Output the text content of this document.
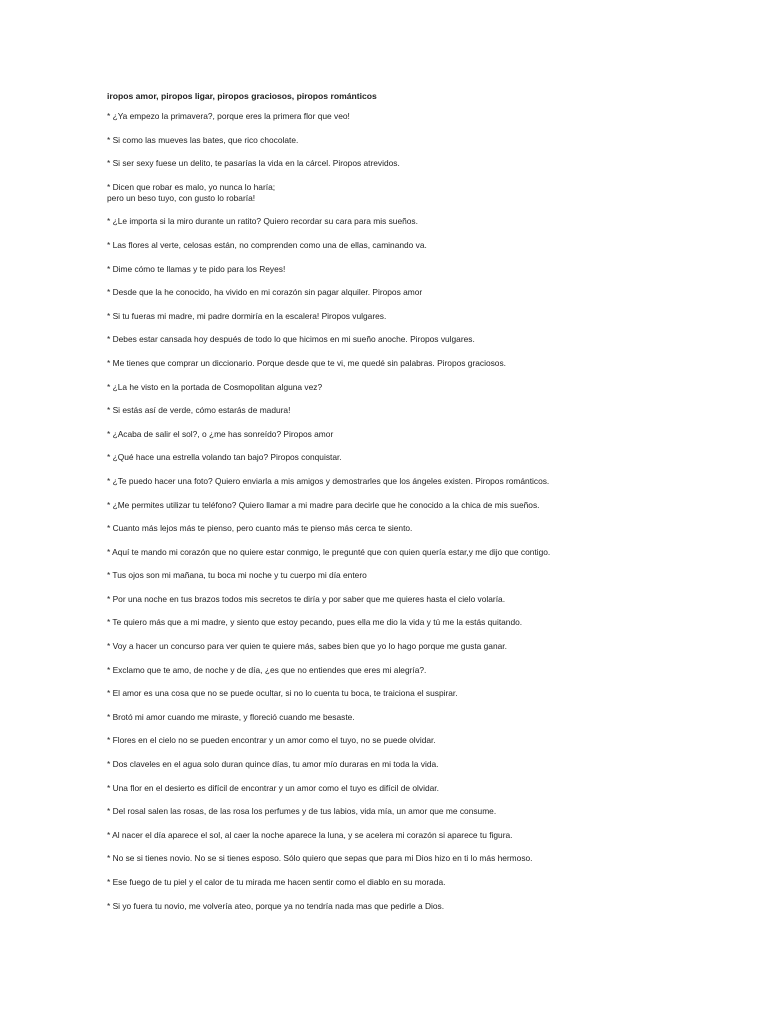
iropos amor, piropos ligar, piropos graciosos, piropos románticos
* ¿Ya empezo la primavera?, porque eres la primera flor que veo!
* Si como las mueves las bates, que rico chocolate.
* Si ser sexy fuese un delito, te pasarías la vida en la cárcel. Piropos atrevidos.
* Dicen que robar es malo, yo nunca lo haría;
pero un beso tuyo, con gusto lo robaría!
* ¿Le importa si la miro durante un ratito? Quiero recordar su cara para mis sueños.
* Las flores al verte, celosas están, no comprenden como una de ellas, caminando va.
* Dime cómo te llamas y te pido para los Reyes!
* Desde que la he conocido, ha vivido en mi corazón sin pagar alquiler. Piropos amor
* Si tu fueras mi madre, mi padre dormiría en la escalera! Piropos vulgares.
* Debes estar cansada hoy después de todo lo que hicimos en mi sueño anoche. Piropos vulgares.
* Me tienes que comprar un diccionario. Porque desde que te vi, me quedé sin palabras. Piropos graciosos.
* ¿La he visto en la portada de Cosmopolitan alguna vez?
* Si estás así de verde, cómo estarás de madura!
* ¿Acaba de salir el sol?, o ¿me has sonreído? Piropos amor
* ¿Qué hace una estrella volando tan bajo? Piropos conquistar.
* ¿Te puedo hacer una foto? Quiero enviarla a mis amigos y demostrarles que los ángeles existen. Piropos románticos.
* ¿Me permites utilizar tu teléfono? Quiero llamar a mi madre para decirle que he conocido a la chica de mis sueños.
* Cuanto más lejos más te pienso, pero cuanto más te pienso más cerca te siento.
* Aquí te mando mi corazón que no quiere estar conmigo, le pregunté que con quien quería estar,y me dijo que contigo.
* Tus ojos son mi mañana, tu boca mi noche y tu cuerpo mi día entero
* Por una noche en tus brazos todos mis secretos te diría y por saber que me quieres hasta el cielo volaría.
* Te quiero más que a mi madre, y siento que estoy pecando, pues ella me dio la vida y tú me la estás quitando.
* Voy a hacer un concurso para ver quien te quiere más, sabes bien que yo lo hago porque me gusta ganar.
* Exclamo que te amo, de noche y de día, ¿es que no entiendes que eres mi alegría?.
* El amor es una cosa que no se puede ocultar, si no lo cuenta tu boca, te traiciona el suspirar.
* Brotó mi amor cuando me miraste, y floreció cuando me besaste.
* Flores en el cielo no se pueden encontrar y un amor como el tuyo, no se puede olvidar.
* Dos claveles en el agua solo duran quince días, tu amor mío duraras en mi toda la vida.
* Una flor en el desierto es difícil de encontrar y un amor como el tuyo es difícil de olvidar.
* Del rosal salen las rosas, de las rosa los perfumes y de tus labios, vida mía, un amor que me consume.
* Al nacer el día aparece el sol, al caer la noche aparece la luna, y se acelera mi corazón si aparece tu figura.
* No se si tienes novio. No se si tienes esposo. Sólo quiero que sepas que para mi Dios hizo en ti lo más hermoso.
* Ese fuego de tu piel y el calor de tu mirada me hacen sentir como el diablo en su morada.
* Si yo fuera tu novio, me volvería ateo, porque ya no tendría nada mas que pedirle a Dios.
